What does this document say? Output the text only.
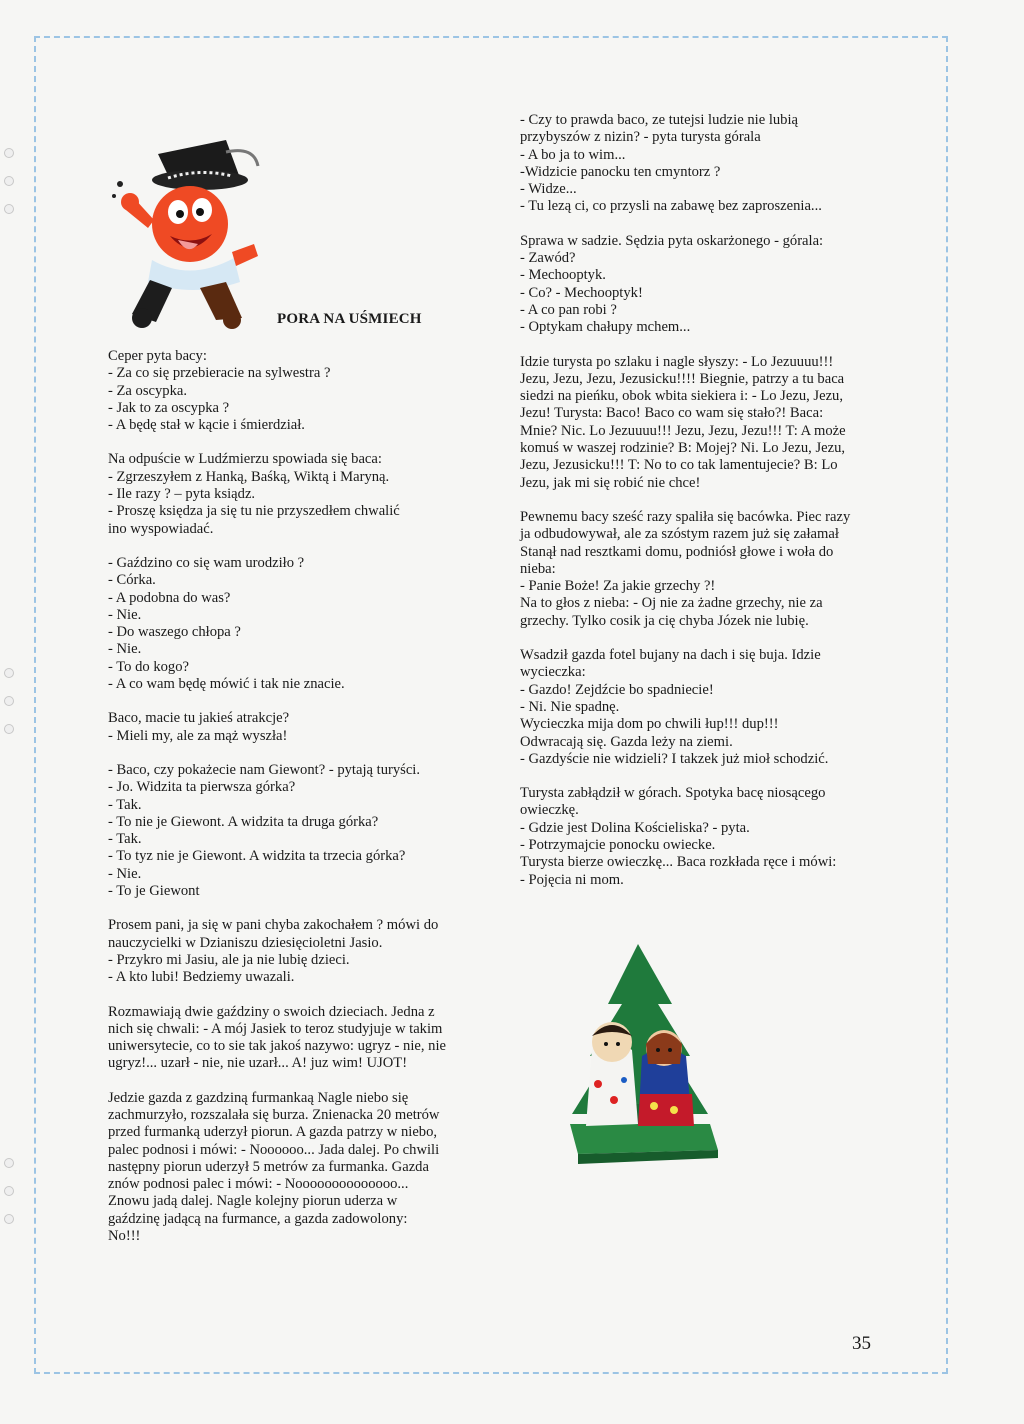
PORA NA UŚMIECH

Ceper pyta bacy:
- Za co się przebieracie na sylwestra ?
- Za oscypka.
- Jak to za oscypka ?
- A będę stał w kącie i śmierdział.

Na odpuście w Ludźmierzu spowiada się baca:
- Zgrzeszyłem z Hanką, Baśką, Wiktą i Maryną.
- Ile razy ? – pyta ksiądz.
- Proszę księdza ja się tu nie przyszedłem chwalić
ino wyspowiadać.

- Gaździno co się wam urodziło ?
- Córka.
- A podobna do was?
- Nie.
- Do waszego chłopa ?
- Nie.
- To do kogo?
- A co wam będę mówić i tak nie znacie.

Baco, macie tu jakieś atrakcje?
- Mieli my, ale za mąż wyszła!

- Baco, czy pokażecie nam Giewont? - pytają turyści.
- Jo. Widzita ta pierwsza górka?
- Tak.
- To nie je Giewont. A widzita ta druga górka?
- Tak.
- To tyz nie je Giewont. A widzita ta trzecia górka?
- Nie.
- To je Giewont

Prosem pani, ja się w pani chyba zakochałem ? mówi do
nauczycielki w Dzianiszu dziesięcioletni Jasio.
- Przykro mi Jasiu, ale ja nie lubię dzieci.
- A kto lubi! Bedziemy uwazali.

Rozmawiają dwie gaździny o swoich dzieciach. Jedna z
nich się chwali: - A mój Jasiek to teroz studyjuje w takim
uniwersytecie, co to sie tak jakoś nazywo: ugryz - nie, nie
ugryz!... uzarł - nie, nie uzarł... A! juz wim! UJOT!

Jedzie gazda z gazdziną furmankaą Nagle niebo się
zachmurzyło, rozszalała się burza. Znienacka 20 metrów
przed furmanką uderzył piorun. A gazda patrzy w niebo,
palec podnosi i mówi: - Noooooo... Jada dalej. Po chwili
następny piorun uderzył 5 metrów za furmanka. Gazda
znów podnosi palec i mówi: - Noooooooooooooo...
Znowu jadą dalej. Nagle kolejny piorun uderza w
gaździnę jadącą na furmance, a gazda zadowolony:
No!!!

- Czy to prawda baco, ze tutejsi ludzie nie lubią
przybyszów z nizin? - pyta turysta górala
- A bo ja to wim...
-Widzicie panocku ten cmyntorz ?
- Widze...
- Tu lezą ci, co przysli na zabawę bez zaproszenia...

Sprawa w sadzie. Sędzia pyta oskarżonego - górala:
- Zawód?
- Mechooptyk.
- Co? - Mechooptyk!
- A co pan robi ?
- Optykam chałupy mchem...

Idzie turysta po szlaku i nagle słyszy: - Lo Jezuuuu!!!
Jezu, Jezu, Jezu, Jezusicku!!!! Biegnie, patrzy a tu baca
siedzi na pieńku, obok wbita siekiera i: - Lo Jezu, Jezu,
Jezu! Turysta: Baco! Baco co wam się stało?! Baca:
Mnie? Nic. Lo Jezuuuu!!! Jezu, Jezu, Jezu!!! T: A może
komuś w waszej rodzinie? B: Mojej? Ni. Lo Jezu, Jezu,
Jezu, Jezusicku!!! T: No to co tak lamentujecie? B: Lo
Jezu, jak mi się robić nie chce!

Pewnemu bacy sześć razy spaliła się bacówka. Piec razy
ja odbudowywał, ale za szóstym razem już się załamał
Stanął nad resztkami domu, podniósł głowe i woła do
nieba:
- Panie Boże! Za jakie grzechy ?!
Na to głos z nieba: - Oj nie za żadne grzechy, nie za
grzechy. Tylko cosik ja cię chyba Józek nie lubię.

Wsadził gazda fotel bujany na dach i się buja. Idzie
wycieczka:
- Gazdo! Zejdźcie bo spadniecie!
- Ni. Nie spadnę.
Wycieczka mija dom po chwili łup!!! dup!!!
Odwracają się. Gazda leży na ziemi.
- Gazdyście nie widzieli? I takzek już mioł schodzić.

Turysta zabłądził w górach. Spotyka bacę niosącego
owieczkę.
- Gdzie jest Dolina Kościeliska? - pyta.
- Potrzymajcie ponocku owiecke.
Turysta bierze owieczkę... Baca rozkłada ręce i mówi:
- Pojęcia ni mom.

35
